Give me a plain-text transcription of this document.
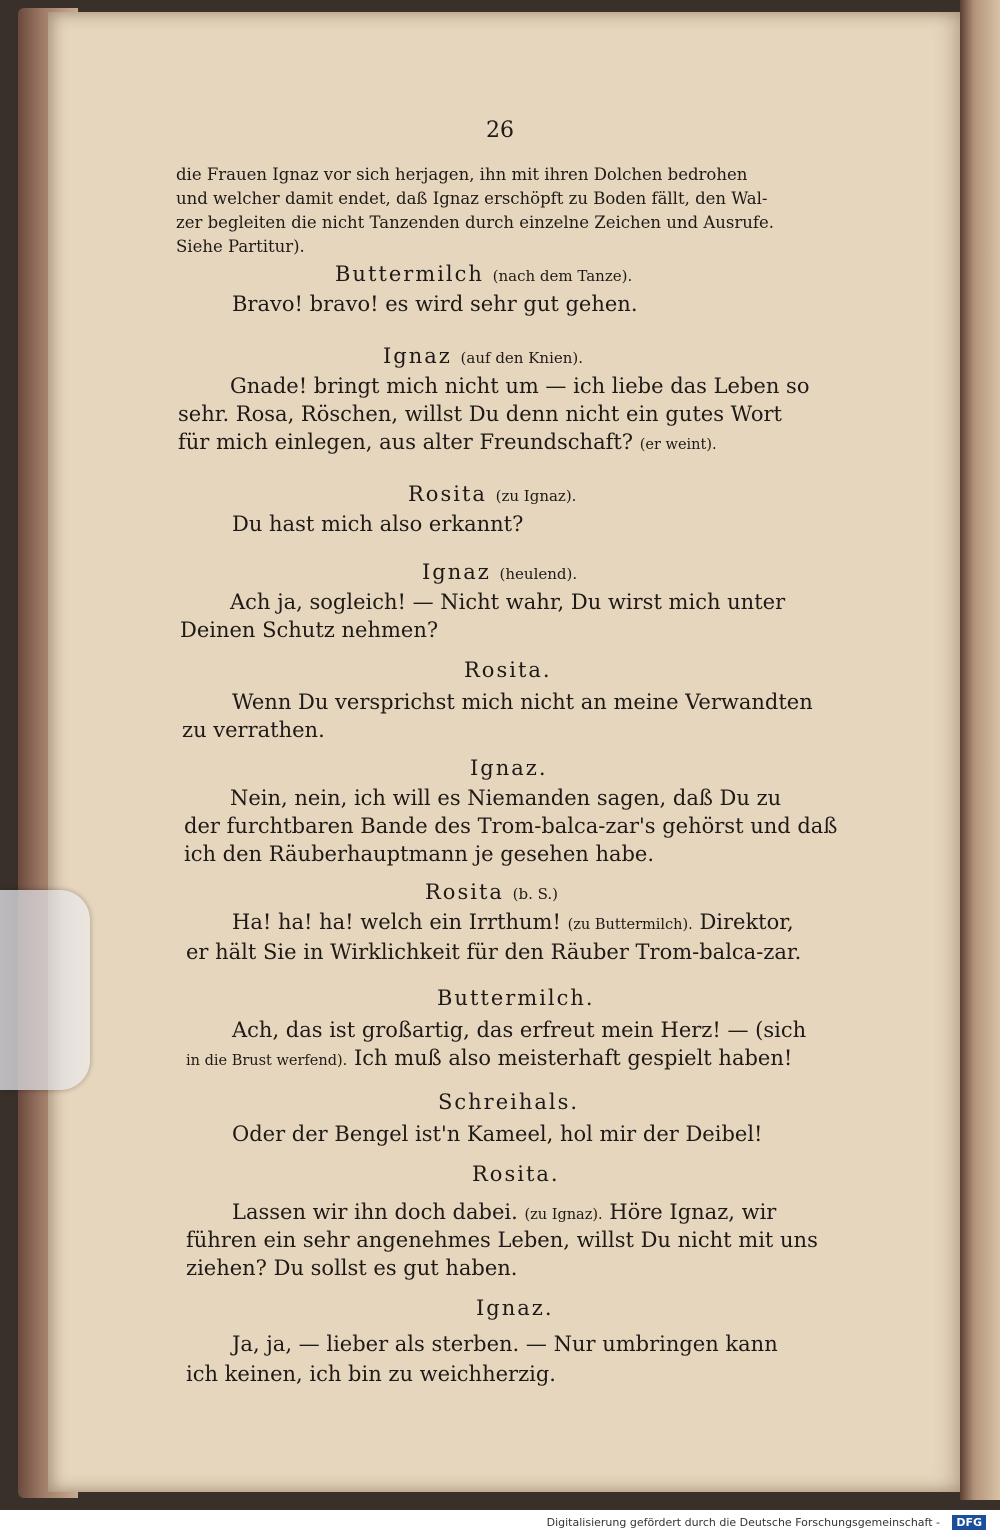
26
die Frauen Ignaz vor sich herjagen, ihn mit ihren Dolchen bedrohen
und welcher damit endet, daß Ignaz erschöpft zu Boden fällt, den Wal-
zer begleiten die nicht Tanzenden durch einzelne Zeichen und Ausrufe.
Siehe Partitur).
Buttermilch (nach dem Tanze).
Bravo! bravo! es wird sehr gut gehen.
Ignaz (auf den Knien).
Gnade! bringt mich nicht um — ich liebe das Leben so
sehr. Rosa, Röschen, willst Du denn nicht ein gutes Wort
für mich einlegen, aus alter Freundschaft? (er weint).
Rosita (zu Ignaz).
Du hast mich also erkannt?
Ignaz (heulend).
Ach ja, sogleich! — Nicht wahr, Du wirst mich unter
Deinen Schutz nehmen?
Rosita.
Wenn Du versprichst mich nicht an meine Verwandten
zu verrathen.
Ignaz.
Nein, nein, ich will es Niemanden sagen, daß Du zu
der furchtbaren Bande des Trom-balca-zar's gehörst und daß
ich den Räuberhauptmann je gesehen habe.
Rosita (b. S.)
Ha! ha! ha! welch ein Irrthum! (zu Buttermilch). Direktor,
er hält Sie in Wirklichkeit für den Räuber Trom-balca-zar.
Buttermilch.
Ach, das ist großartig, das erfreut mein Herz! — (sich
in die Brust werfend). Ich muß also meisterhaft gespielt haben!
Schreihals.
Oder der Bengel ist'n Kameel, hol mir der Deibel!
Rosita.
Lassen wir ihn doch dabei. (zu Ignaz). Höre Ignaz, wir
führen ein sehr angenehmes Leben, willst Du nicht mit uns
ziehen? Du sollst es gut haben.
Ignaz.
Ja, ja, — lieber als sterben. — Nur umbringen kann
ich keinen, ich bin zu weichherzig.
Digitalisierung gefördert durch die Deutsche Forschungsgemeinschaft -	DFG
